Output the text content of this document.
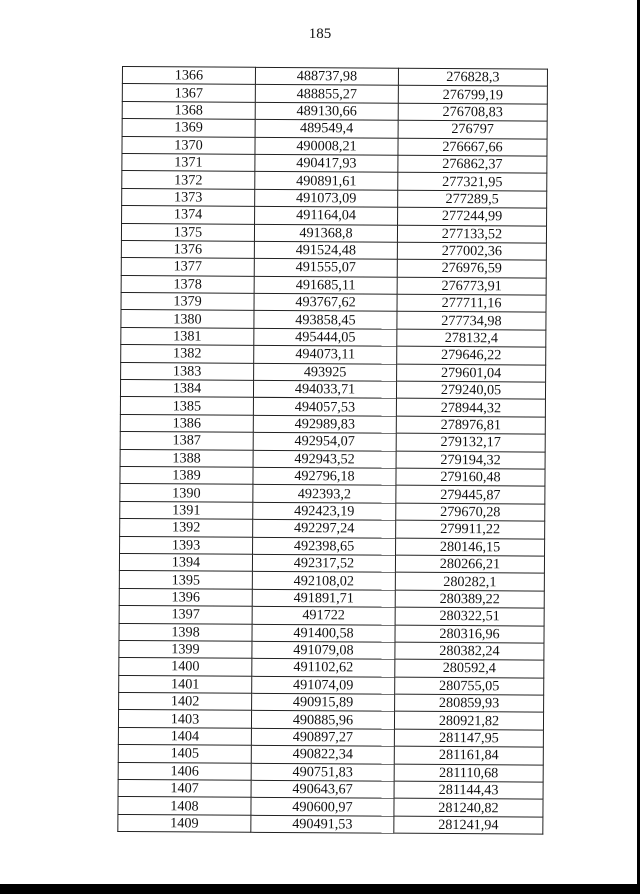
185
1366	488737,98	276828,3
1367	488855,27	276799,19
1368	489130,66	276708,83
1369	489549,4	276797
1370	490008,21	276667,66
1371	490417,93	276862,37
1372	490891,61	277321,95
1373	491073,09	277289,5
1374	491164,04	277244,99
1375	491368,8	277133,52
1376	491524,48	277002,36
1377	491555,07	276976,59
1378	491685,11	276773,91
1379	493767,62	277711,16
1380	493858,45	277734,98
1381	495444,05	278132,4
1382	494073,11	279646,22
1383	493925	279601,04
1384	494033,71	279240,05
1385	494057,53	278944,32
1386	492989,83	278976,81
1387	492954,07	279132,17
1388	492943,52	279194,32
1389	492796,18	279160,48
1390	492393,2	279445,87
1391	492423,19	279670,28
1392	492297,24	279911,22
1393	492398,65	280146,15
1394	492317,52	280266,21
1395	492108,02	280282,1
1396	491891,71	280389,22
1397	491722	280322,51
1398	491400,58	280316,96
1399	491079,08	280382,24
1400	491102,62	280592,4
1401	491074,09	280755,05
1402	490915,89	280859,93
1403	490885,96	280921,82
1404	490897,27	281147,95
1405	490822,34	281161,84
1406	490751,83	281110,68
1407	490643,67	281144,43
1408	490600,97	281240,82
1409	490491,53	281241,94
